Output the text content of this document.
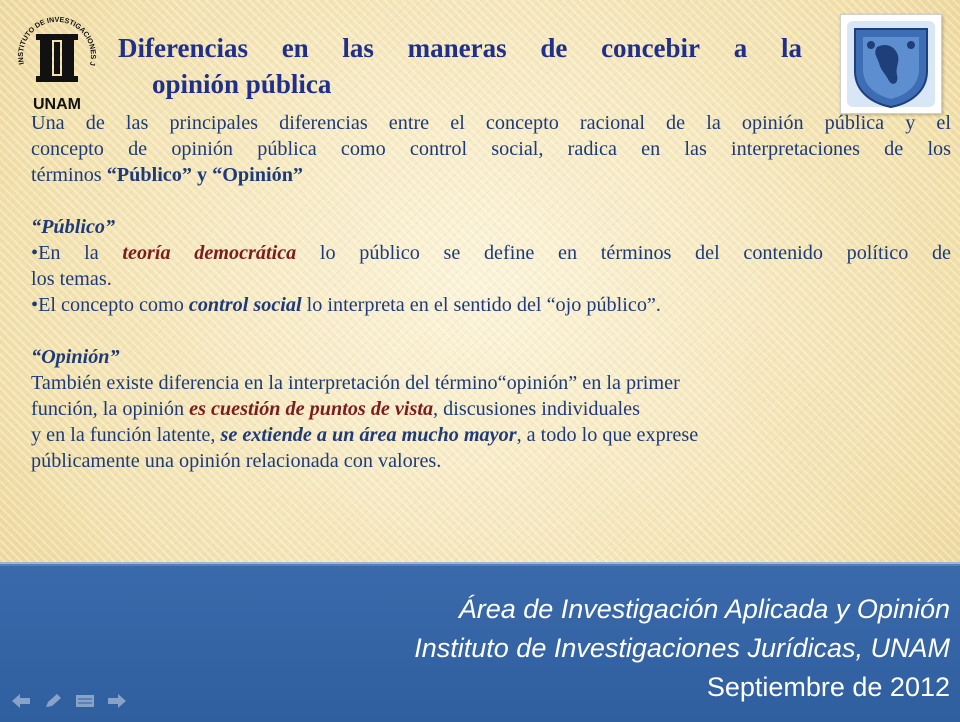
INSTITUTO DE INVESTIGACIONES J
UNAM
Diferencias en las maneras de concebir a la
opinión pública

Una de las principales diferencias entre el concepto racional de la opinión pública y el

concepto de opinión pública como control social, radica en las interpretaciones de los

términos “Público” y “Opinión”

“Público”

•En la teoría democrática lo público se define en términos del contenido político de

los temas.

•El concepto como control social lo interpreta en el sentido del “ojo público”.

“Opinión”

También existe diferencia en la interpretación del término“opinión” en la primer

función, la opinión es cuestión de puntos de vista, discusiones individuales

y en la función latente, se extiende a un área mucho mayor, a todo lo que exprese

públicamente una opinión relacionada con valores.

Área de Investigación Aplicada y Opinión
Instituto de Investigaciones Jurídicas, UNAM
Septiembre de 2012
